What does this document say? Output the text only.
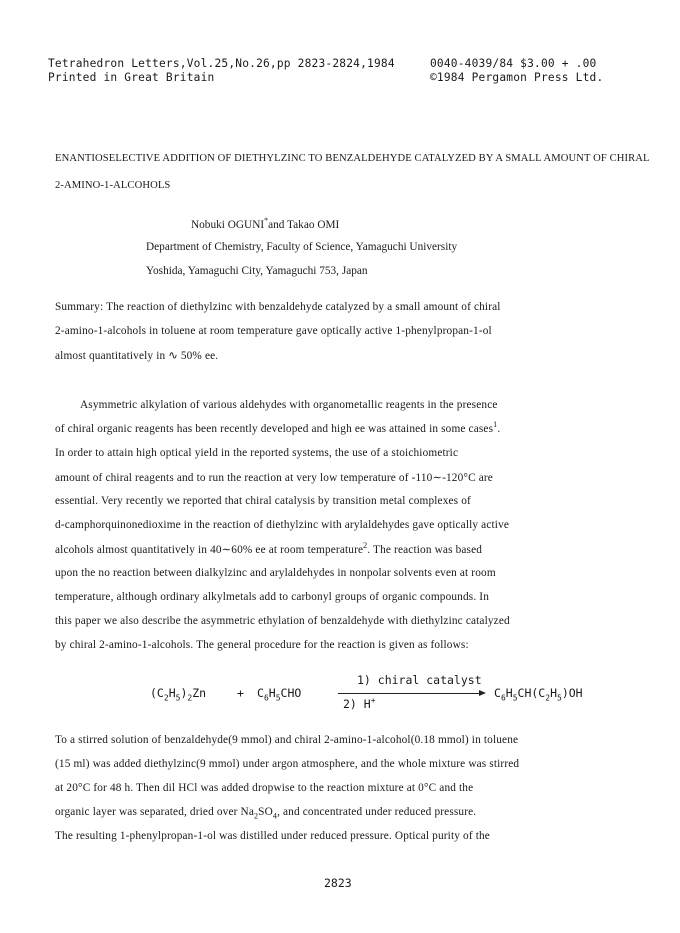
Tetrahedron Letters,Vol.25,No.26,pp 2823-2824,1984	0040-4039/84 $3.00 + .00
Printed in Great Britain	©1984 Pergamon Press Ltd.
ENANTIOSELECTIVE ADDITION OF DIETHYLZINC TO BENZALDEHYDE CATALYZED BY A SMALL AMOUNT OF CHIRAL
2-AMINO-1-ALCOHOLS
Nobuki OGUNI*and Takao OMI
Department of Chemistry, Faculty of Science, Yamaguchi University
Yoshida, Yamaguchi City, Yamaguchi 753, Japan
Summary: The reaction of diethylzinc with benzaldehyde catalyzed by a small amount of chiral
2-amino-1-alcohols in toluene at room temperature gave optically active 1-phenylpropan-1-ol
almost quantitatively in ∿ 50% ee.
Asymmetric alkylation of various aldehydes with organometallic reagents in the presence
of chiral organic reagents has been recently developed and high ee was attained in some cases$^1$.
In order to attain high optical yield in the reported systems, the use of a stoichiometric
amount of chiral reagents and to run the reaction at very low temperature of -110∼-120°C are
essential. Very recently we reported that chiral catalysis by transition metal complexes of
d-camphorquinonedioxime in the reaction of diethylzinc with arylaldehydes gave optically active
alcohols almost quantitatively in 40∼60% ee at room temperature$^2$. The reaction was based
upon the no reaction between dialkylzinc and arylaldehydes in nonpolar solvents even at room
temperature, although ordinary alkylmetals add to carbonyl groups of organic compounds. In
this paper we also describe the asymmetric ethylation of benzaldehyde with diethylzinc catalyzed
by chiral 2-amino-1-alcohols. The general procedure for the reaction is given as follows:
$(C_2H_5)_2Zn$	+ $C_6H_5CHO$
1) chiral catalyst
2) H+
$C_6H_5CH(C_2H_5)OH$
To a stirred solution of benzaldehyde(9 mmol) and chiral 2-amino-1-alcohol(0.18 mmol) in toluene
(15 ml) was added diethylzinc(9 mmol) under argon atmosphere, and the whole mixture was stirred
at 20°C for 48 h. Then dil HCl was added dropwise to the reaction mixture at 0°C and the
organic layer was separated, dried over $Na_2SO_4$, and concentrated under reduced pressure.
The resulting 1-phenylpropan-1-ol was distilled under reduced pressure. Optical purity of the
2823
